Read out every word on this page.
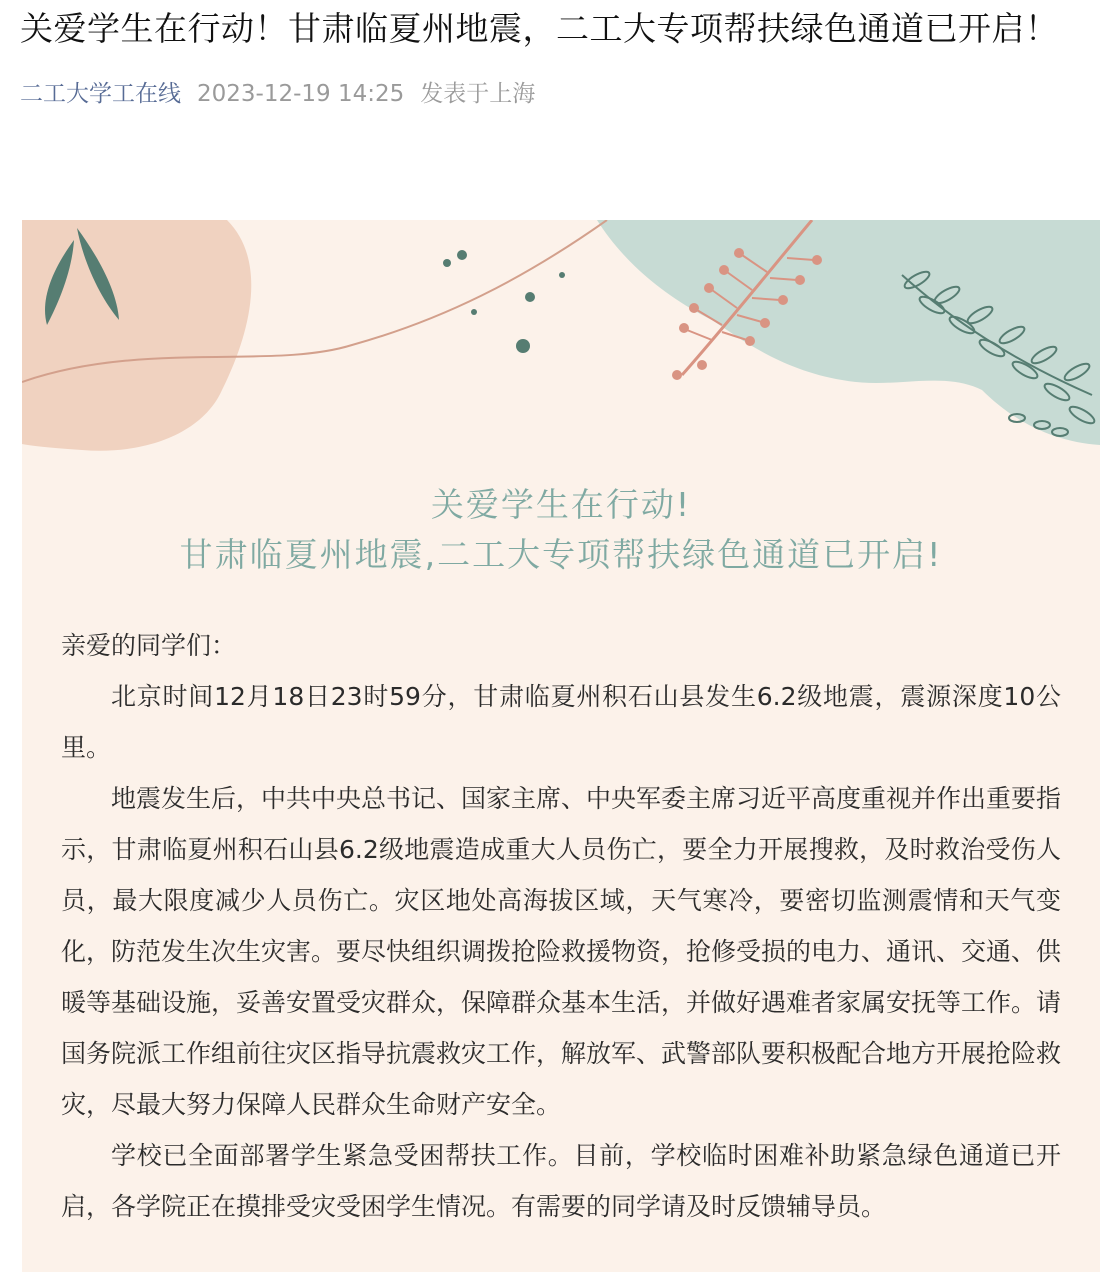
关爱学生在行动！甘肃临夏州地震，二工大专项帮扶绿色通道已开启！
二工大学工在线 2023-12-19 14:25 发表于上海
关爱学生在行动!
甘肃临夏州地震,二工大专项帮扶绿色通道已开启!

亲爱的同学们：

北京时间12月18日23时59分，甘肃临夏州积石山县发生6.2级地震，震源深度10公里。

地震发生后，中共中央总书记、国家主席、中央军委主席习近平高度重视并作出重要指示，甘肃临夏州积石山县6.2级地震造成重大人员伤亡，要全力开展搜救，及时救治受伤人员，最大限度减少人员伤亡。灾区地处高海拔区域，天气寒冷，要密切监测震情和天气变化，防范发生次生灾害。要尽快组织调拨抢险救援物资，抢修受损的电力、通讯、交通、供暖等基础设施，妥善安置受灾群众，保障群众基本生活，并做好遇难者家属安抚等工作。请国务院派工作组前往灾区指导抗震救灾工作，解放军、武警部队要积极配合地方开展抢险救灾，尽最大努力保障人民群众生命财产安全。

学校已全面部署学生紧急受困帮扶工作。目前，学校临时困难补助紧急绿色通道已开启，各学院正在摸排受灾受困学生情况。有需要的同学请及时反馈辅导员。
